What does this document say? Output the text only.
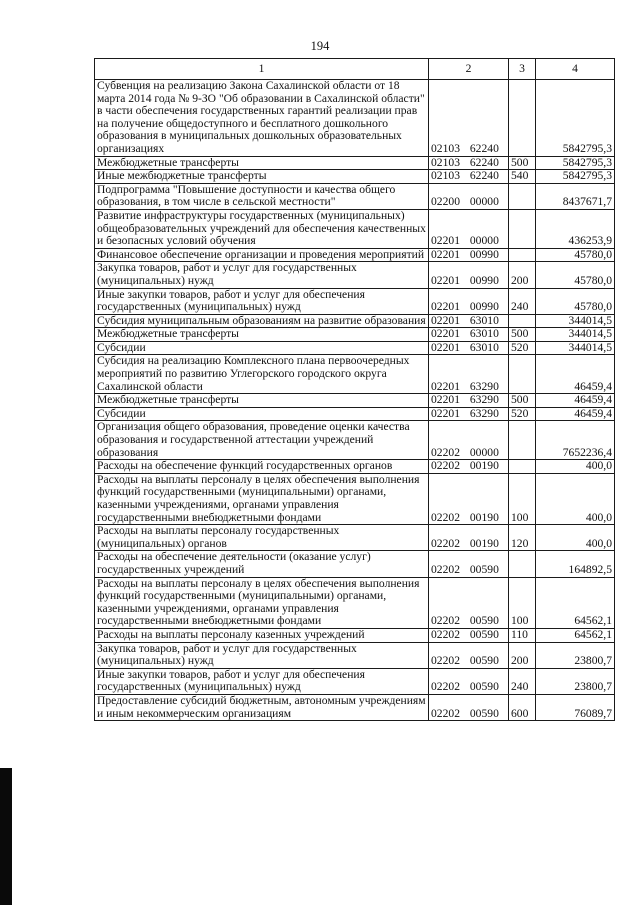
194
1	2	3	4
Субвенция на реализацию Закона Сахалинской области от 18 марта 2014 года № 9-ЗО "Об образовании в Сахалинской области" в части обеспечения государственных гарантий реализации прав на получение общедоступного и бесплатного дошкольного образования в муниципальных дошкольных образовательных организациях	02103 62240		5842795,3
Межбюджетные трансферты	02103 62240	500	5842795,3
Иные межбюджетные трансферты	02103 62240	540	5842795,3
Подпрограмма "Повышение доступности и качества общего образования, в том числе в сельской местности"	02200 00000		8437671,7
Развитие инфраструктуры государственных (муниципальных) общеобразовательных учреждений для обеспечения качественных и безопасных условий обучения	02201 00000		436253,9
Финансовое обеспечение организации и проведения мероприятий	02201 00990		45780,0
Закупка товаров, работ и услуг для государственных (муниципальных) нужд	02201 00990	200	45780,0
Иные закупки товаров, работ и услуг для обеспечения государственных (муниципальных) нужд	02201 00990	240	45780,0
Субсидия муниципальным образованиям на развитие образования	02201 63010		344014,5
Межбюджетные трансферты	02201 63010	500	344014,5
Субсидии	02201 63010	520	344014,5
Субсидия на реализацию Комплексного плана первоочередных мероприятий по развитию Углегорского городского округа Сахалинской области	02201 63290		46459,4
Межбюджетные трансферты	02201 63290	500	46459,4
Субсидии	02201 63290	520	46459,4
Организация общего образования, проведение оценки качества образования и государственной аттестации учреждений образования	02202 00000		7652236,4
Расходы на обеспечение функций государственных органов	02202 00190		400,0
Расходы на выплаты персоналу в целях обеспечения выполнения функций государственными (муниципальными) органами, казенными учреждениями, органами управления государственными внебюджетными фондами	02202 00190	100	400,0
Расходы на выплаты персоналу государственных (муниципальных) органов	02202 00190	120	400,0
Расходы на обеспечение деятельности (оказание услуг) государственных учреждений	02202 00590		164892,5
Расходы на выплаты персоналу в целях обеспечения выполнения функций государственными (муниципальными) органами, казенными учреждениями, органами управления государственными внебюджетными фондами	02202 00590	100	64562,1
Расходы на выплаты персоналу казенных учреждений	02202 00590	110	64562,1
Закупка товаров, работ и услуг для государственных (муниципальных) нужд	02202 00590	200	23800,7
Иные закупки товаров, работ и услуг для обеспечения государственных (муниципальных) нужд	02202 00590	240	23800,7
Предоставление субсидий бюджетным, автономным учреждениям и иным некоммерческим организациям	02202 00590	600	76089,7
